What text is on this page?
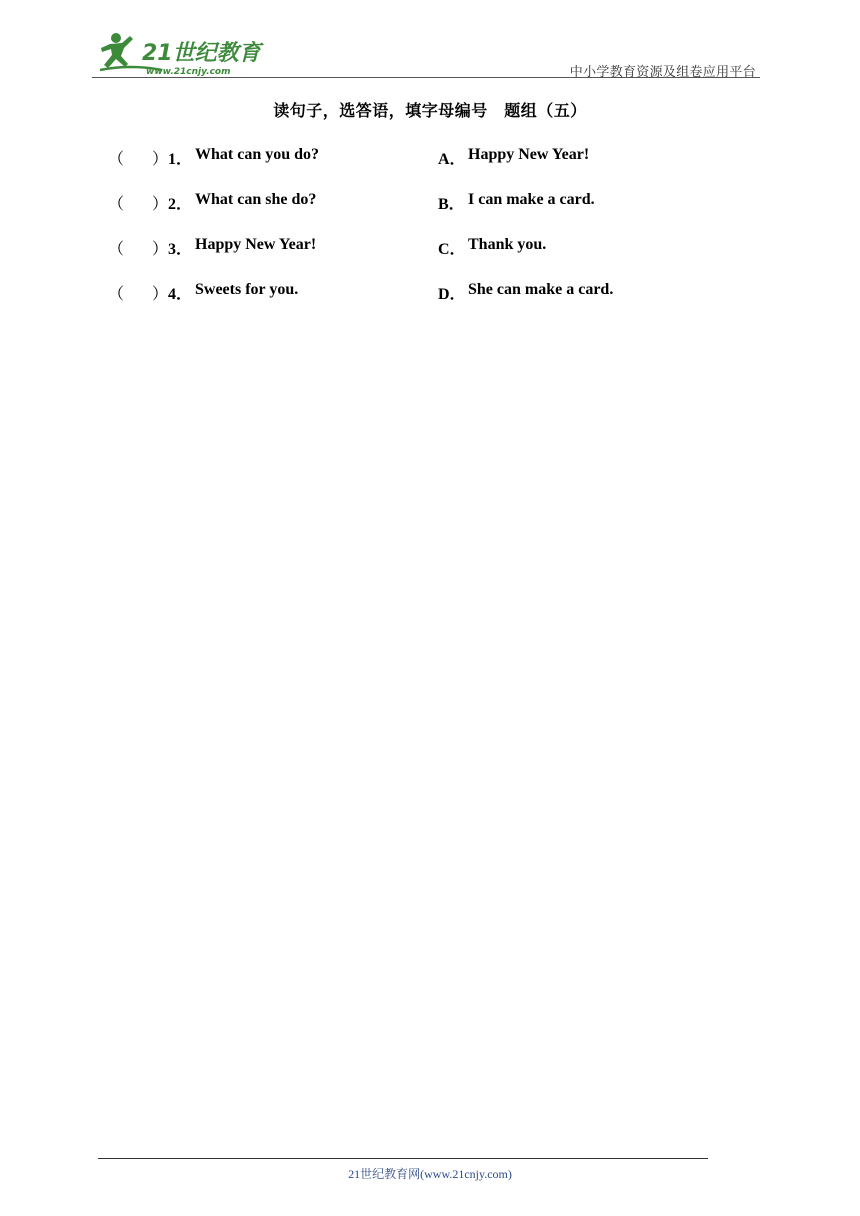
21世纪教育
www.21cnjy.com	中小学教育资源及组卷应用平台
读句子，选答语，填字母编号　题组（五）
（ ） 1． What can you do?	A． Happy New Year!
（ ） 2． What can she do?	B． I can make a card.
（ ） 3． Happy New Year!	C． Thank you.
（ ） 4． Sweets for you.	D． She can make a card.
21世纪教育网(www.21cnjy.com)
